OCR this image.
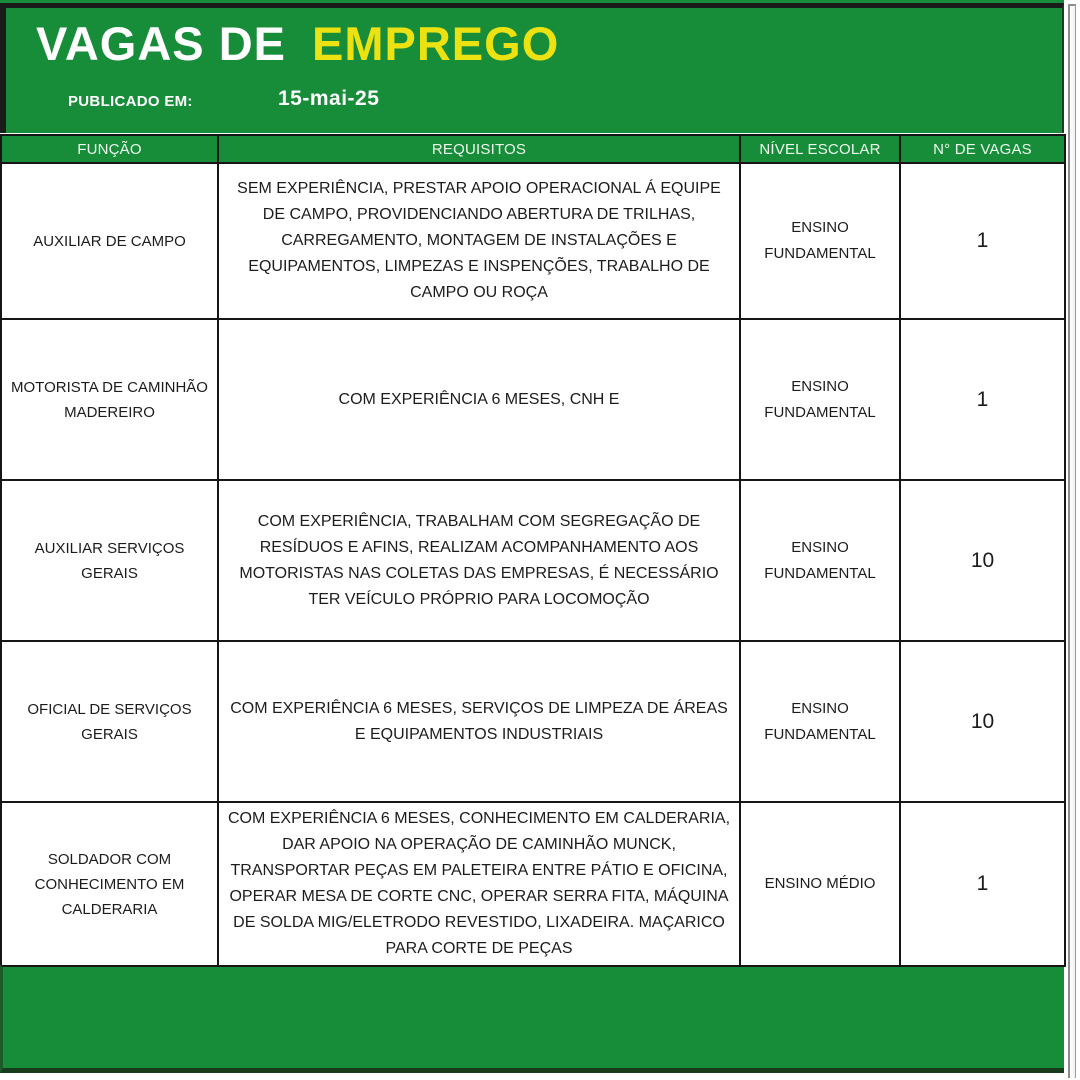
VAGAS DE EMPREGO
PUBLICADO EM:	15-mai-25
FUNÇÃO	REQUISITOS	NÍVEL ESCOLAR	N° DE VAGAS
AUXILIAR DE CAMPO	SEM EXPERIÊNCIA, PRESTAR APOIO OPERACIONAL Á EQUIPE DE CAMPO, PROVIDENCIANDO ABERTURA DE TRILHAS, CARREGAMENTO, MONTAGEM DE INSTALAÇÕES E EQUIPAMENTOS, LIMPEZAS E INSPENÇÕES, TRABALHO DE CAMPO OU ROÇA	ENSINO FUNDAMENTAL	1
MOTORISTA DE CAMINHÃO MADEREIRO	COM EXPERIÊNCIA 6 MESES, CNH E	ENSINO FUNDAMENTAL	1
AUXILIAR SERVIÇOS GERAIS	COM EXPERIÊNCIA, TRABALHAM COM SEGREGAÇÃO DE RESÍDUOS E AFINS, REALIZAM ACOMPANHAMENTO AOS MOTORISTAS NAS COLETAS DAS EMPRESAS, É NECESSÁRIO TER VEÍCULO PRÓPRIO PARA LOCOMOÇÃO	ENSINO FUNDAMENTAL	10
OFICIAL DE SERVIÇOS GERAIS	COM EXPERIÊNCIA 6 MESES, SERVIÇOS DE LIMPEZA DE ÁREAS E EQUIPAMENTOS INDUSTRIAIS	ENSINO FUNDAMENTAL	10
SOLDADOR COM CONHECIMENTO EM CALDERARIA	COM EXPERIÊNCIA 6 MESES, CONHECIMENTO EM CALDERARIA, DAR APOIO NA OPERAÇÃO DE CAMINHÃO MUNCK, TRANSPORTAR PEÇAS EM PALETEIRA ENTRE PÁTIO E OFICINA, OPERAR MESA DE CORTE CNC, OPERAR SERRA FITA, MÁQUINA DE SOLDA MIG/ELETRODO REVESTIDO, LIXADEIRA. MAÇARICO PARA CORTE DE PEÇAS	ENSINO MÉDIO	1
